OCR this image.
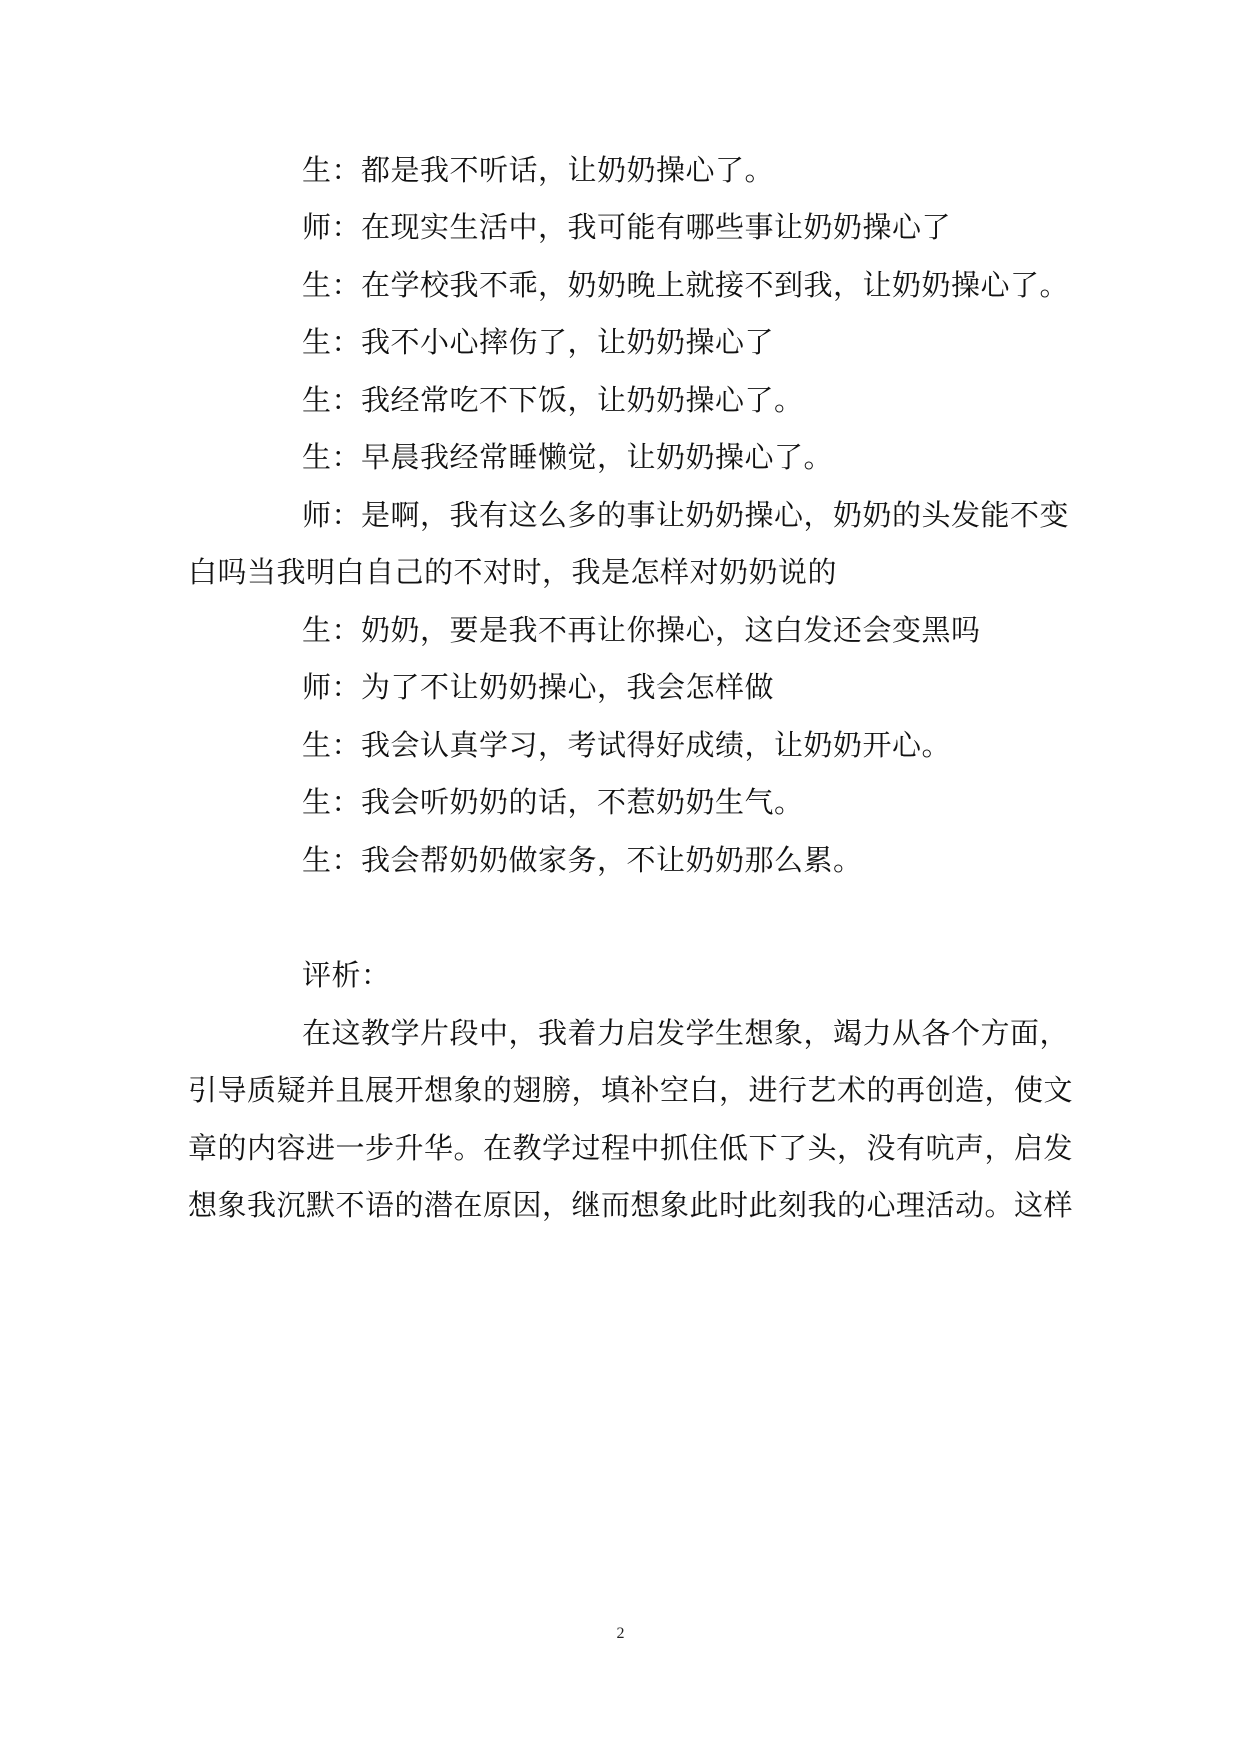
生：都是我不听话，让奶奶操心了。
师：在现实生活中，我可能有哪些事让奶奶操心了
生：在学校我不乖，奶奶晚上就接不到我，让奶奶操心了。
生：我不小心摔伤了，让奶奶操心了
生：我经常吃不下饭，让奶奶操心了。
生：早晨我经常睡懒觉，让奶奶操心了。
师：是啊，我有这么多的事让奶奶操心，奶奶的头发能不变
白吗当我明白自己的不对时，我是怎样对奶奶说的
生：奶奶，要是我不再让你操心，这白发还会变黑吗
师：为了不让奶奶操心，我会怎样做
生：我会认真学习，考试得好成绩，让奶奶开心。
生：我会听奶奶的话，不惹奶奶生气。
生：我会帮奶奶做家务，不让奶奶那么累。
评析：
在这教学片段中，我着力启发学生想象，竭力从各个方面，
引导质疑并且展开想象的翅膀，填补空白，进行艺术的再创造，使文
章的内容进一步升华。在教学过程中抓住低下了头，没有吭声，启发
想象我沉默不语的潜在原因，继而想象此时此刻我的心理活动。这样
2
